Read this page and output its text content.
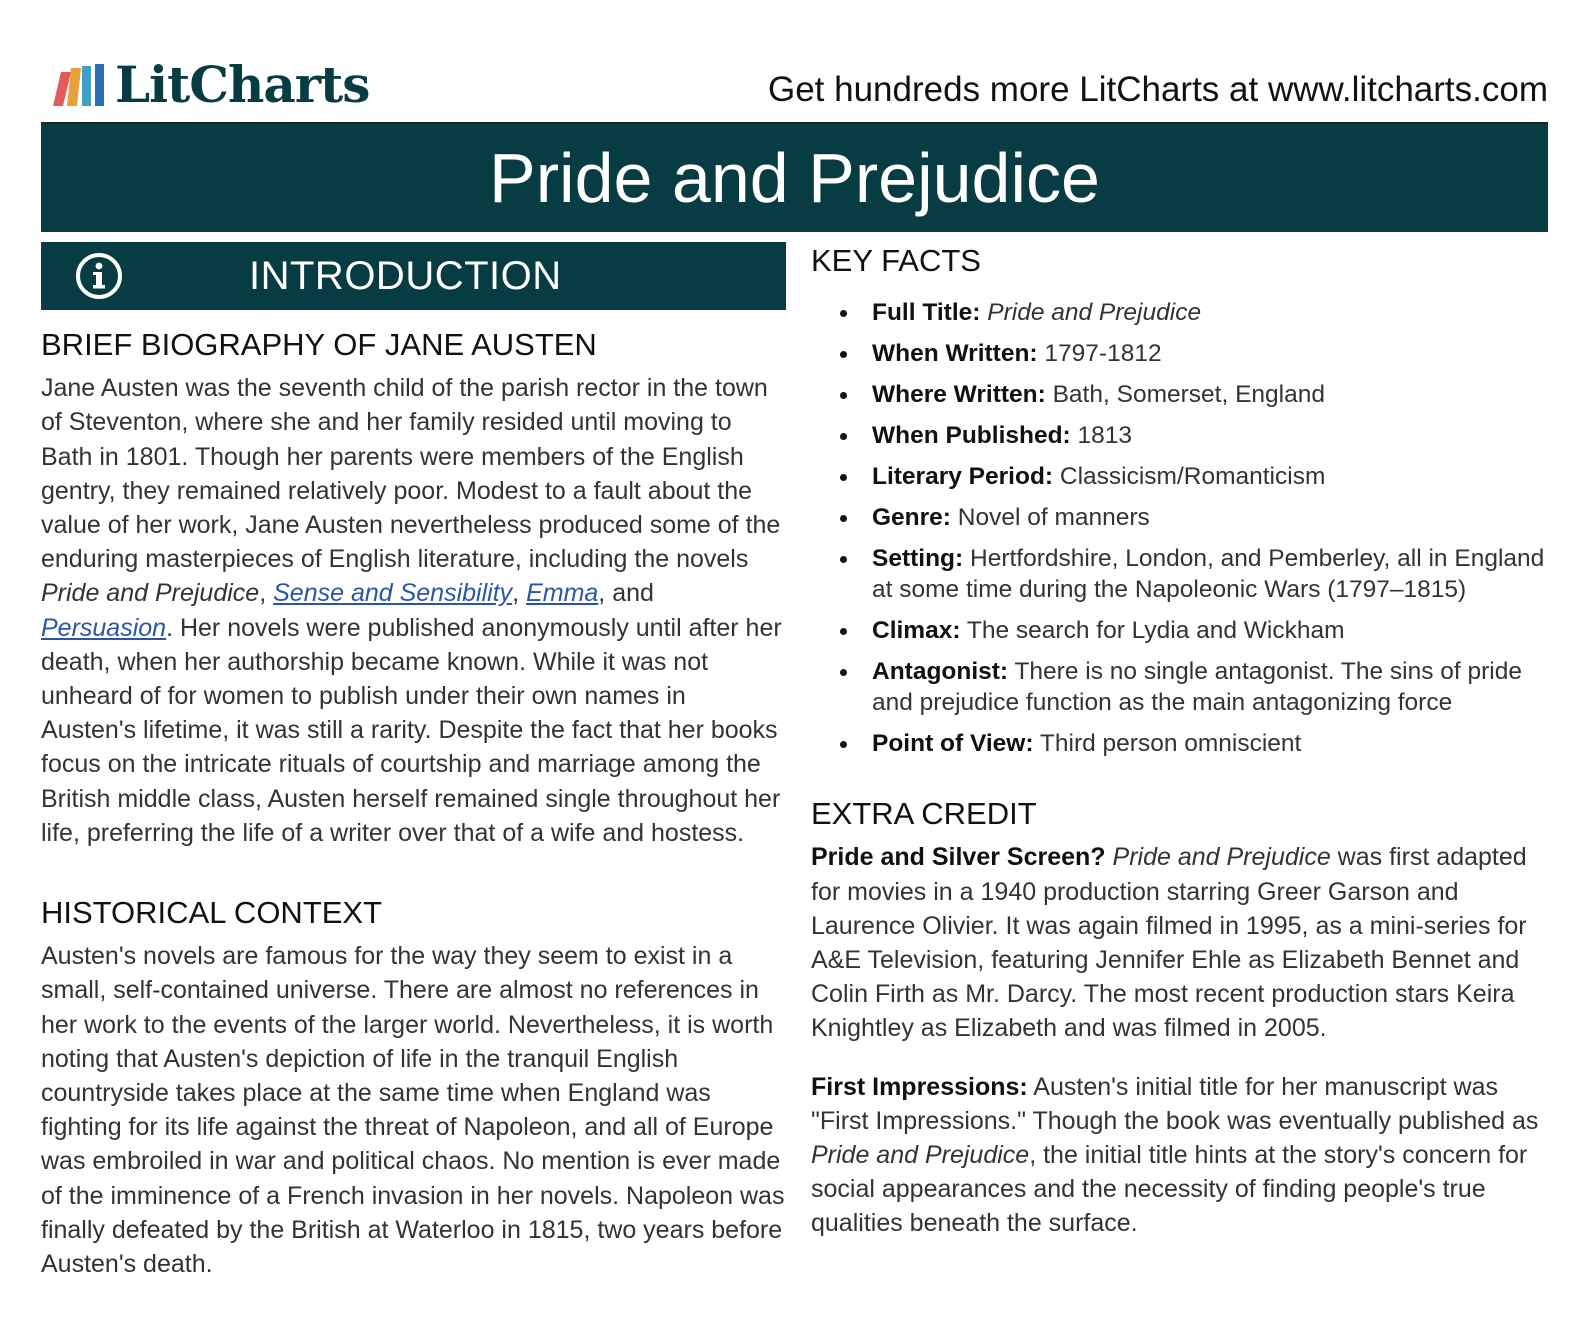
LitCharts	Get hundreds more LitCharts at www.litcharts.com
Pride and Prejudice
INTRODUCTION
BRIEF BIOGRAPHY OF JANE AUSTEN

Jane Austen was the seventh child of the parish rector in the town of Steventon, where she and her family resided until moving to Bath in 1801. Though her parents were members of the English gentry, they remained relatively poor. Modest to a fault about the value of her work, Jane Austen nevertheless produced some of the enduring masterpieces of English literature, including the novels Pride and Prejudice, Sense and Sensibility, Emma, and Persuasion. Her novels were published anonymously until after her death, when her authorship became known. While it was not unheard of for women to publish under their own names in Austen's lifetime, it was still a rarity. Despite the fact that her books focus on the intricate rituals of courtship and marriage among the British middle class, Austen herself remained single throughout her life, preferring the life of a writer over that of a wife and hostess.

HISTORICAL CONTEXT

Austen's novels are famous for the way they seem to exist in a small, self-contained universe. There are almost no references in her work to the events of the larger world. Nevertheless, it is worth noting that Austen's depiction of life in the tranquil English countryside takes place at the same time when England was fighting for its life against the threat of Napoleon, and all of Europe was embroiled in war and political chaos. No mention is ever made of the imminence of a French invasion in her novels. Napoleon was finally defeated by the British at Waterloo in 1815, two years before Austen's death.

KEY FACTS
Full Title: Pride and Prejudice
When Written: 1797-1812
Where Written: Bath, Somerset, England
When Published: 1813
Literary Period: Classicism/Romanticism
Genre: Novel of manners
Setting: Hertfordshire, London, and Pemberley, all in England at some time during the Napoleonic Wars (1797–1815)
Climax: The search for Lydia and Wickham
Antagonist: There is no single antagonist. The sins of pride and prejudice function as the main antagonizing force
Point of View: Third person omniscient
EXTRA CREDIT

Pride and Silver Screen? Pride and Prejudice was first adapted for movies in a 1940 production starring Greer Garson and Laurence Olivier. It was again filmed in 1995, as a mini-series for A&E Television, featuring Jennifer Ehle as Elizabeth Bennet and Colin Firth as Mr. Darcy. The most recent production stars Keira Knightley as Elizabeth and was filmed in 2005.

First Impressions: Austen's initial title for her manuscript was "First Impressions." Though the book was eventually published as Pride and Prejudice, the initial title hints at the story's concern for social appearances and the necessity of finding people's true qualities beneath the surface.
